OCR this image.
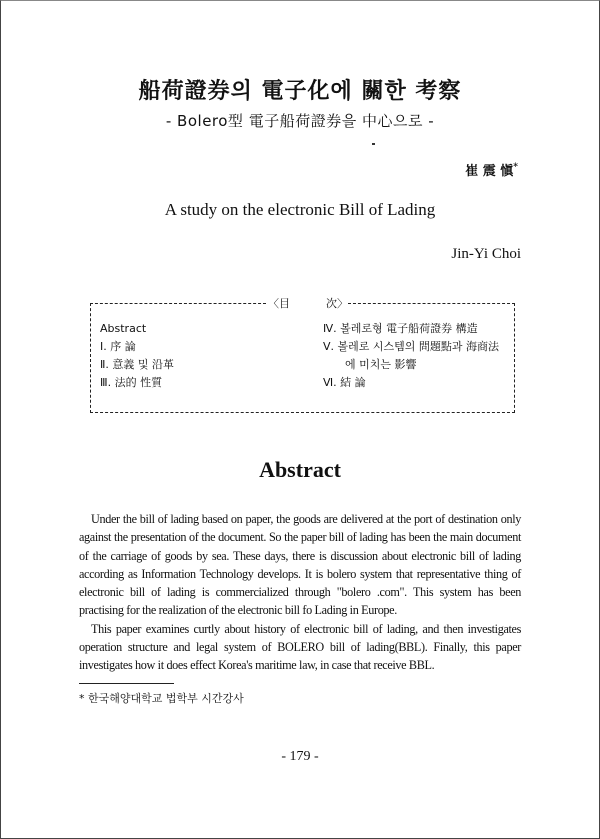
船荷證券의 電子化에 關한 考察
- Bolero型 電子船荷證券을 中心으로 -
崔 震 愼*
A study on the electronic Bill of Lading
Jin-Yi Choi
〈目	次〉
Abstract
Ⅰ. 序 論
Ⅱ. 意義 및 沿革
Ⅲ. 法的 性質
Ⅳ. 볼레로형 電子船荷證券 構造
Ⅴ. 볼레로 시스템의 問題點과 海商法
에 미치는 影響
Ⅵ. 結 論
Abstract

Under the bill of lading based on paper, the goods are delivered at the port of destination only against the presentation of the document. So the paper bill of lading has been the main document of the carriage of goods by sea. These days, there is discussion about electronic bill of lading according as Information Technology develops. It is bolero system that representative thing of electronic bill of lading is commercialized through "bolero .com". This system has been practising for the realization of the electronic bill fo Lading in Europe.

This paper examines curtly about history of electronic bill of lading, and then investigates operation structure and legal system of BOLERO bill of lading(BBL). Finally, this paper investigates how it does effect Korea's maritime law, in case that receive BBL.

* 한국해양대학교 법학부 시간강사
- 179 -
